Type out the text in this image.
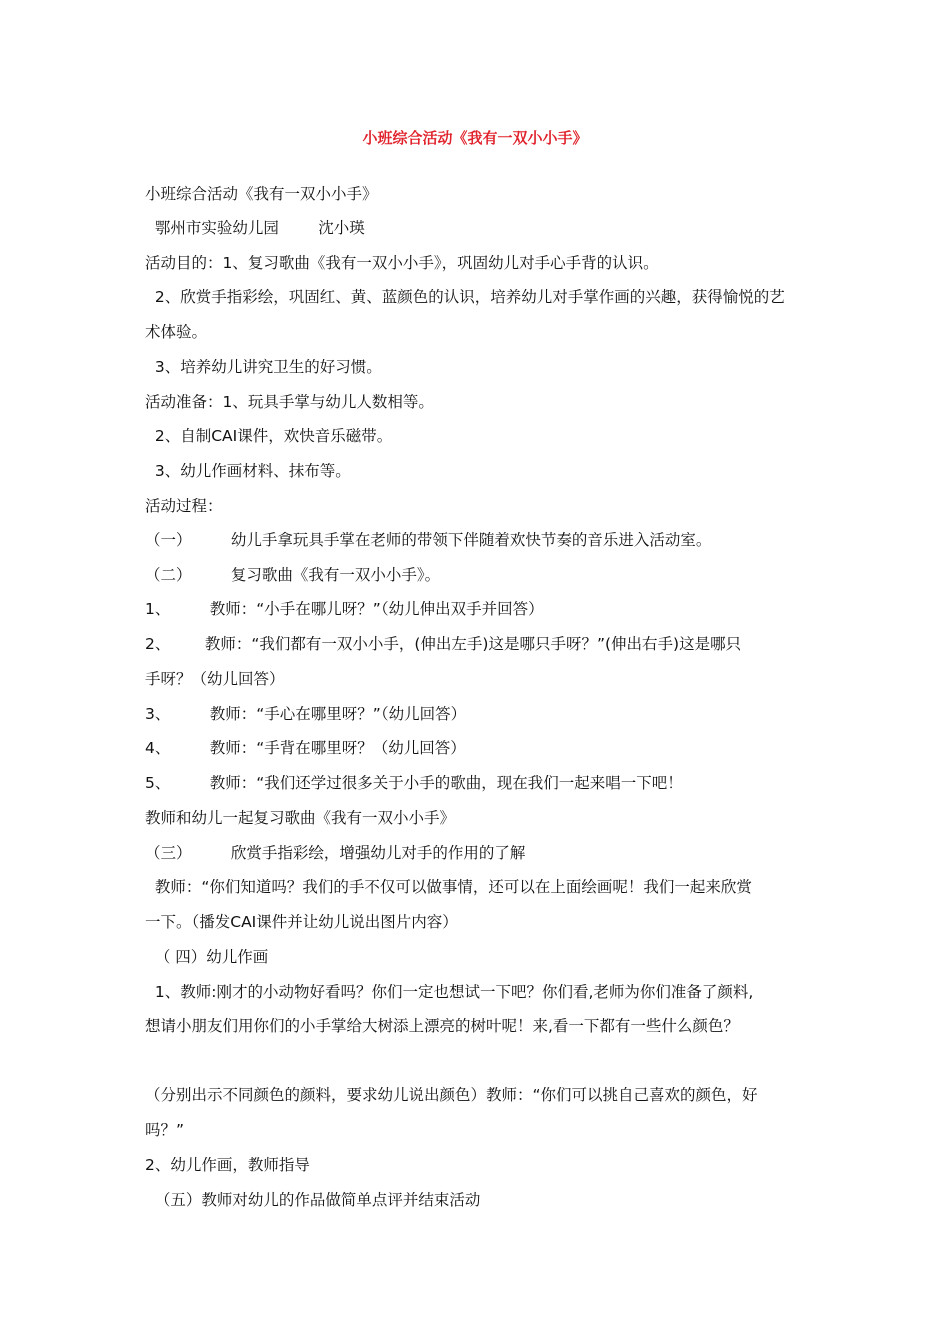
小班综合活动《我有一双小小手》
小班综合活动《我有一双小小手》
鄂州市实验幼儿园        沈小瑛
活动目的：1、复习歌曲《我有一双小小手》，巩固幼儿对手心手背的认识。
2、欣赏手指彩绘，巩固红、黄、蓝颜色的认识，培养幼儿对手掌作画的兴趣，获得愉悦的艺
术体验。
3、培养幼儿讲究卫生的好习惯。
活动准备：1、玩具手掌与幼儿人数相等。
2、自制CAI课件，欢快音乐磁带。
3、幼儿作画材料、抹布等。
活动过程：
（一）        幼儿手拿玩具手掌在老师的带领下伴随着欢快节奏的音乐进入活动室。
（二）        复习歌曲《我有一双小小手》。
1、        教师：“小手在哪儿呀？”（幼儿伸出双手并回答）
2、       教师：“我们都有一双小小手，(伸出左手)这是哪只手呀？”(伸出右手)这是哪只
手呀？（幼儿回答）
3、        教师：“手心在哪里呀？”（幼儿回答）
4、        教师：“手背在哪里呀？（幼儿回答）
5、        教师：“我们还学过很多关于小手的歌曲，现在我们一起来唱一下吧！
教师和幼儿一起复习歌曲《我有一双小小手》
（三）        欣赏手指彩绘，增强幼儿对手的作用的了解
教师：“你们知道吗？我们的手不仅可以做事情，还可以在上面绘画呢！我们一起来欣赏
一下。（播发CAI课件并让幼儿说出图片内容）
（ 四）幼儿作画
1、教师:刚才的小动物好看吗？你们一定也想试一下吧？你们看,老师为你们准备了颜料,
想请小朋友们用你们的小手掌给大树添上漂亮的树叶呢！来,看一下都有一些什么颜色？
（分别出示不同颜色的颜料，要求幼儿说出颜色）教师：“你们可以挑自己喜欢的颜色，好
吗？”
2、幼儿作画，教师指导
（五）教师对幼儿的作品做简单点评并结束活动
